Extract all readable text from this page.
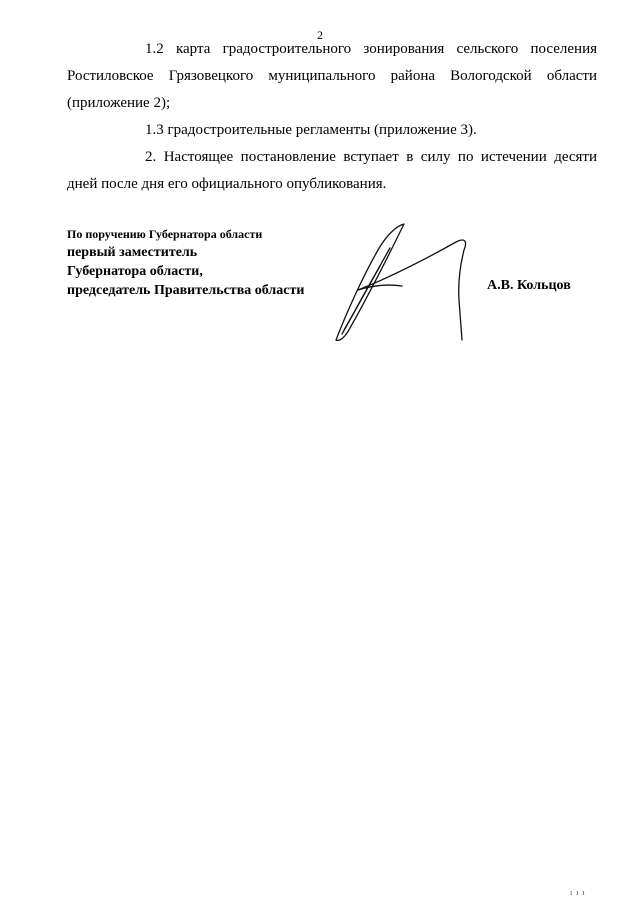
2

1.2 карта градостроительного зонирования сельского поселения Ростиловское Грязовецкого муниципального района Вологодской области (приложение 2);

1.3 градостроительные регламенты (приложение 3).

2. Настоящее постановление вступает в силу по истечении десяти дней после дня его официального опубликования.

По поручению Губернатора области
первый заместитель
Губернатора области,
председатель Правительства области	А.В. Кольцов
ı ı ı
